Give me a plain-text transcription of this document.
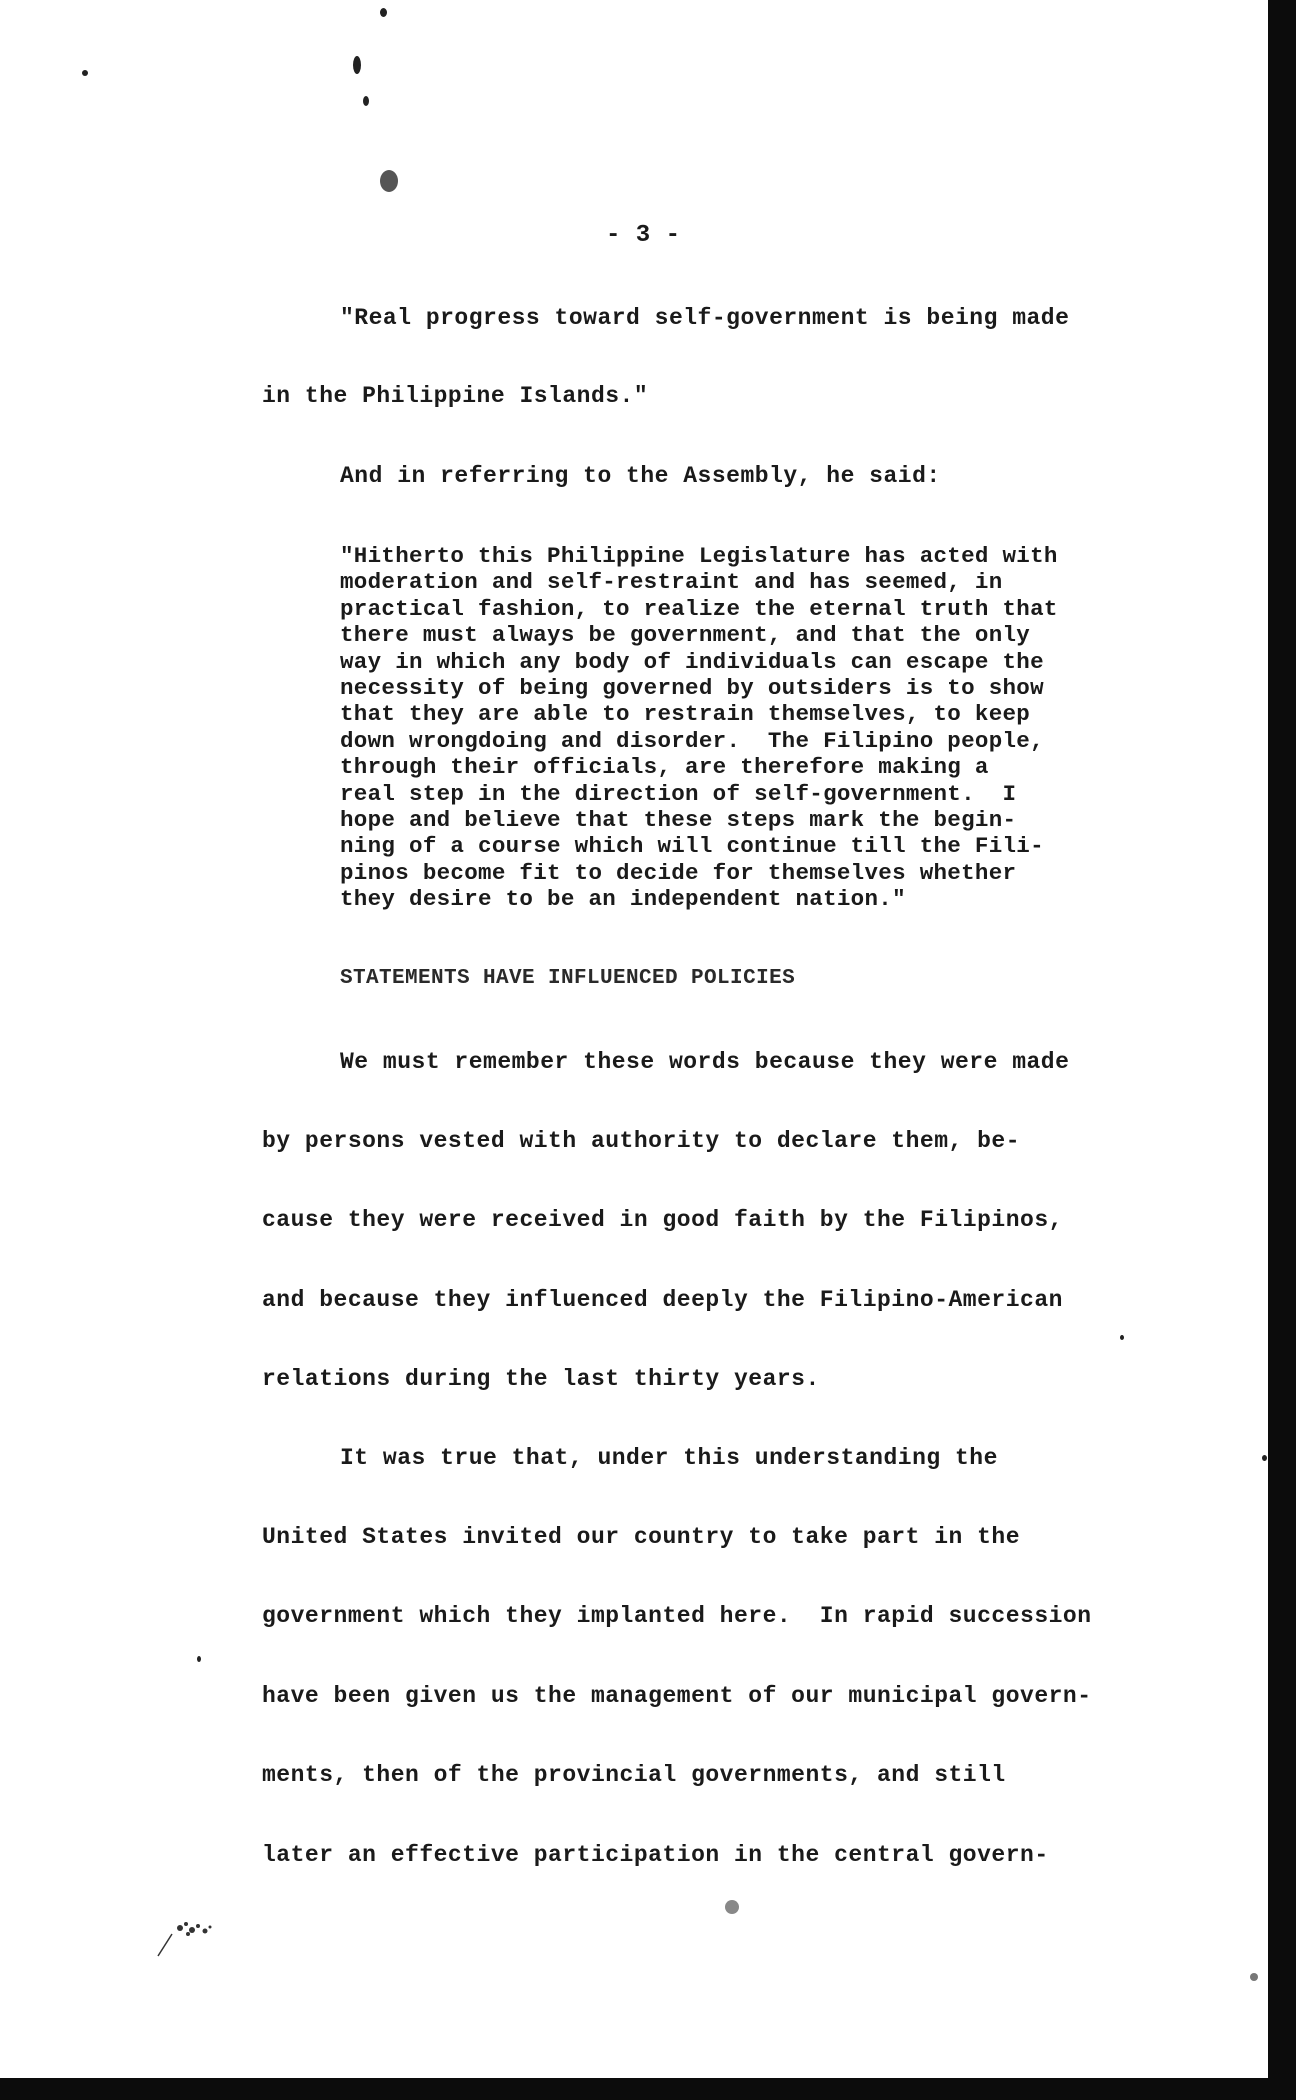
- 3 -
"Real progress toward self-government is being made
in the Philippine Islands."
And in referring to the Assembly, he said:
"Hitherto this Philippine Legislature has acted with
moderation and self-restraint and has seemed, in
practical fashion, to realize the eternal truth that
there must always be government, and that the only
way in which any body of individuals can escape the
necessity of being governed by outsiders is to show
that they are able to restrain themselves, to keep
down wrongdoing and disorder.  The Filipino people,
through their officials, are therefore making a
real step in the direction of self-government.  I
hope and believe that these steps mark the begin-
ning of a course which will continue till the Fili-
pinos become fit to decide for themselves whether
they desire to be an independent nation."
STATEMENTS HAVE INFLUENCED POLICIES
We must remember these words because they were made
by persons vested with authority to declare them, be-
cause they were received in good faith by the Filipinos,
and because they influenced deeply the Filipino-American
relations during the last thirty years.
It was true that, under this understanding the
United States invited our country to take part in the
government which they implanted here.  In rapid succession
have been given us the management of our municipal govern-
ments, then of the provincial governments, and still
later an effective participation in the central govern-
